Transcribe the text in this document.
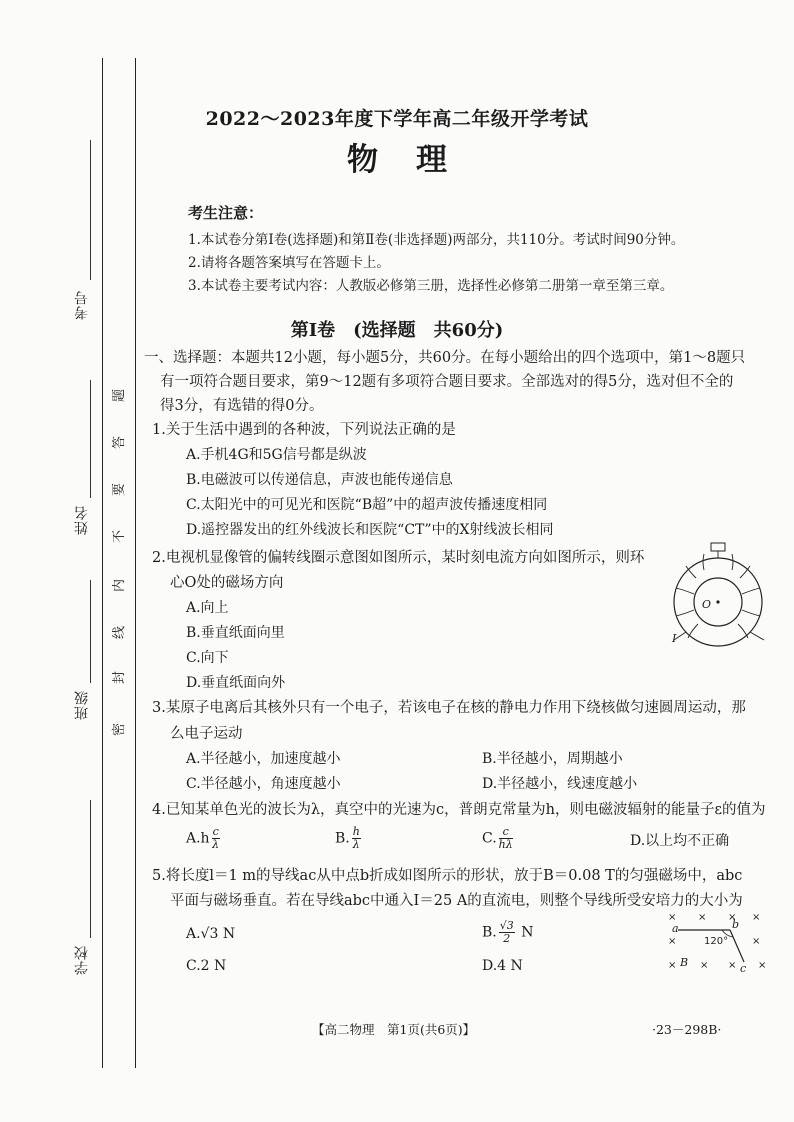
考号
姓名
班级
学校
题
答
要
不
内
线
封
密
2022～2023年度下学年高二年级开学考试
物理
考生注意：
1.本试卷分第Ⅰ卷(选择题)和第Ⅱ卷(非选择题)两部分，共110分。考试时间90分钟。
2.请将各题答案填写在答题卡上。
3.本试卷主要考试内容：人教版必修第三册，选择性必修第二册第一章至第三章。
第Ⅰ卷　(选择题　共60分)
一、选择题：本题共12小题，每小题5分，共60分。在每小题给出的四个选项中，第1～8题只
有一项符合题目要求，第9～12题有多项符合题目要求。全部选对的得5分，选对但不全的
得3分，有选错的得0分。
1.关于生活中遇到的各种波，下列说法正确的是
A.手机4G和5G信号都是纵波
B.电磁波可以传递信息，声波也能传递信息
C.太阳光中的可见光和医院“B超”中的超声波传播速度相同
D.遥控器发出的红外线波长和医院“CT”中的X射线波长相同
2.电视机显像管的偏转线圈示意图如图所示，某时刻电流方向如图所示，则环
心O处的磁场方向
A.向上
B.垂直纸面向里
C.向下
D.垂直纸面向外
O
I
3.某原子电离后其核外只有一个电子，若该电子在核的静电力作用下绕核做匀速圆周运动，那
么电子运动
A.半径越小，加速度越小	B.半径越小，周期越小
C.半径越小，角速度越小	D.半径越小，线速度越小
4.已知某单色光的波长为λ，真空中的光速为c，普朗克常量为h，则电磁波辐射的能量子ε的值为
$A.h \frac{c}{\lambda}$	B. $\frac{h}{\lambda}$	C. $\frac{c}{h\lambda}$	D.以上均不正确
5.将长度l＝1 m的导线ac从中点b折成如图所示的形状，放于B＝0.08 T的匀强磁场中，abc
平面与磁场垂直。若在导线abc中通入I＝25 A的直流电，则整个导线所受安培力的大小为
A.√3 N	B. $\frac{√3}{2}$ N
C.2 N	D.4 N
× × × ×
×	×
× × × ×
a	b
c
B
120°
【高二物理　第1页(共6页)】	·23－298B·
